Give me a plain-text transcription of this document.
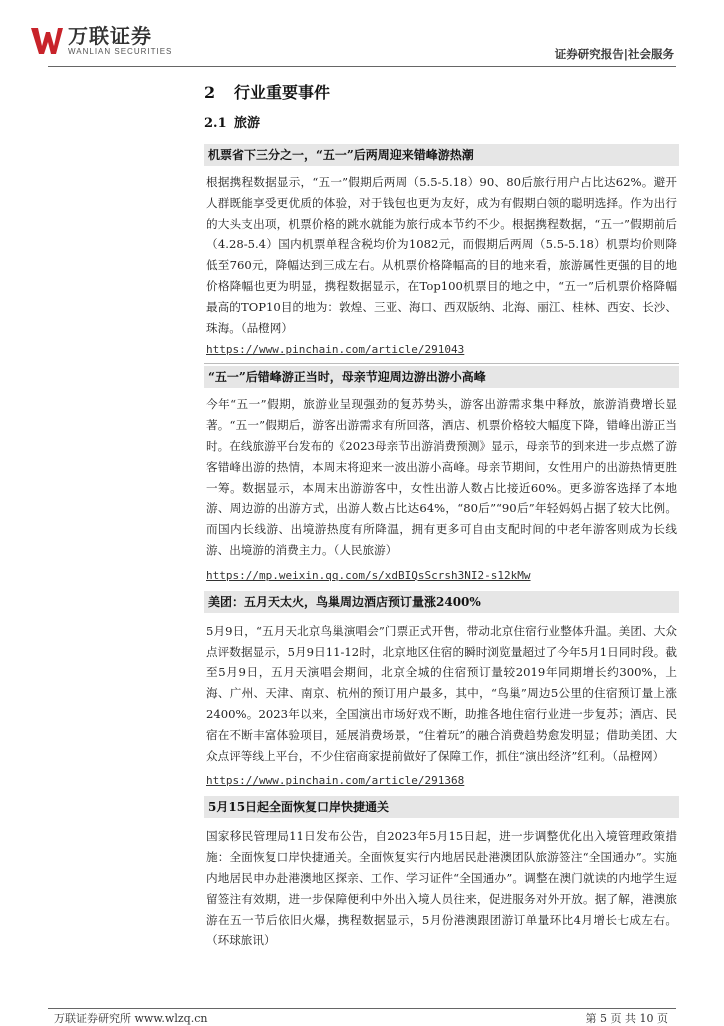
万联证券
WANLIAN SECURITIES	证券研究报告|社会服务
2 行业重要事件
2.1 旅游
机票省下三分之一，“五一”后两周迎来错峰游热潮

根据携程数据显示，“五一”假期后两周（5.5-5.18）90、80后旅行用户占比达62%。避开人群既能享受更优质的体验，对于钱包也更为友好，成为有假期白领的聪明选择。作为出行的大头支出项，机票价格的跳水就能为旅行成本节约不少。根据携程数据，“五一”假期前后（4.28-5.4）国内机票单程含税均价为1082元，而假期后两周（5.5-5.18）机票均价则降低至760元，降幅达到三成左右。从机票价格降幅高的目的地来看，旅游属性更强的目的地价格降幅也更为明显，携程数据显示，在Top100机票目的地之中，“五一”后机票价格降幅最高的TOP10目的地为：敦煌、三亚、海口、西双版纳、北海、丽江、桂林、西安、长沙、珠海。（品橙网）

https://www.pinchain.com/article/291043
“五一”后错峰游正当时，母亲节迎周边游出游小高峰

今年“五一”假期，旅游业呈现强劲的复苏势头，游客出游需求集中释放，旅游消费增长显著。“五一”假期后，游客出游需求有所回落，酒店、机票价格较大幅度下降，错峰出游正当时。在线旅游平台发布的《2023母亲节出游消费预测》显示，母亲节的到来进一步点燃了游客错峰出游的热情，本周末将迎来一波出游小高峰。母亲节期间，女性用户的出游热情更胜一筹。数据显示，本周末出游游客中，女性出游人数占比接近60%。更多游客选择了本地游、周边游的出游方式，出游人数占比达64%，“80后”“90后”年轻妈妈占据了较大比例。而国内长线游、出境游热度有所降温，拥有更多可自由支配时间的中老年游客则成为长线游、出境游的消费主力。（人民旅游）

https://mp.weixin.qq.com/s/xdBIQsScrsh3NI2-s12kMw
美团：五月天太火，鸟巢周边酒店预订量涨2400%

5月9日，“五月天北京鸟巢演唱会”门票正式开售，带动北京住宿行业整体升温。美团、大众点评数据显示，5月9日11-12时，北京地区住宿的瞬时浏览量超过了今年5月1日同时段。截至5月9日，五月天演唱会期间，北京全城的住宿预订量较2019年同期增长约300%，上海、广州、天津、南京、杭州的预订用户最多，其中，“鸟巢”周边5公里的住宿预订量上涨2400%。2023年以来，全国演出市场好戏不断，助推各地住宿行业进一步复苏；酒店、民宿在不断丰富体验项目，延展消费场景，“住着玩”的融合消费趋势愈发明显；借助美团、大众点评等线上平台，不少住宿商家提前做好了保障工作，抓住“演出经济”红利。（品橙网）

https://www.pinchain.com/article/291368
5月15日起全面恢复口岸快捷通关

国家移民管理局11日发布公告，自2023年5月15日起，进一步调整优化出入境管理政策措施：全面恢复口岸快捷通关。全面恢复实行内地居民赴港澳团队旅游签注“全国通办”。实施内地居民申办赴港澳地区探亲、工作、学习证件“全国通办”。调整在澳门就读的内地学生逗留签注有效期，进一步保障便利中外出入境人员往来，促进服务对外开放。据了解，港澳旅游在五一节后依旧火爆，携程数据显示，5月份港澳跟团游订单量环比4月增长七成左右。（环球旅讯）

万联证券研究所 www.wlzq.cn	第 5 页 共 10 页
